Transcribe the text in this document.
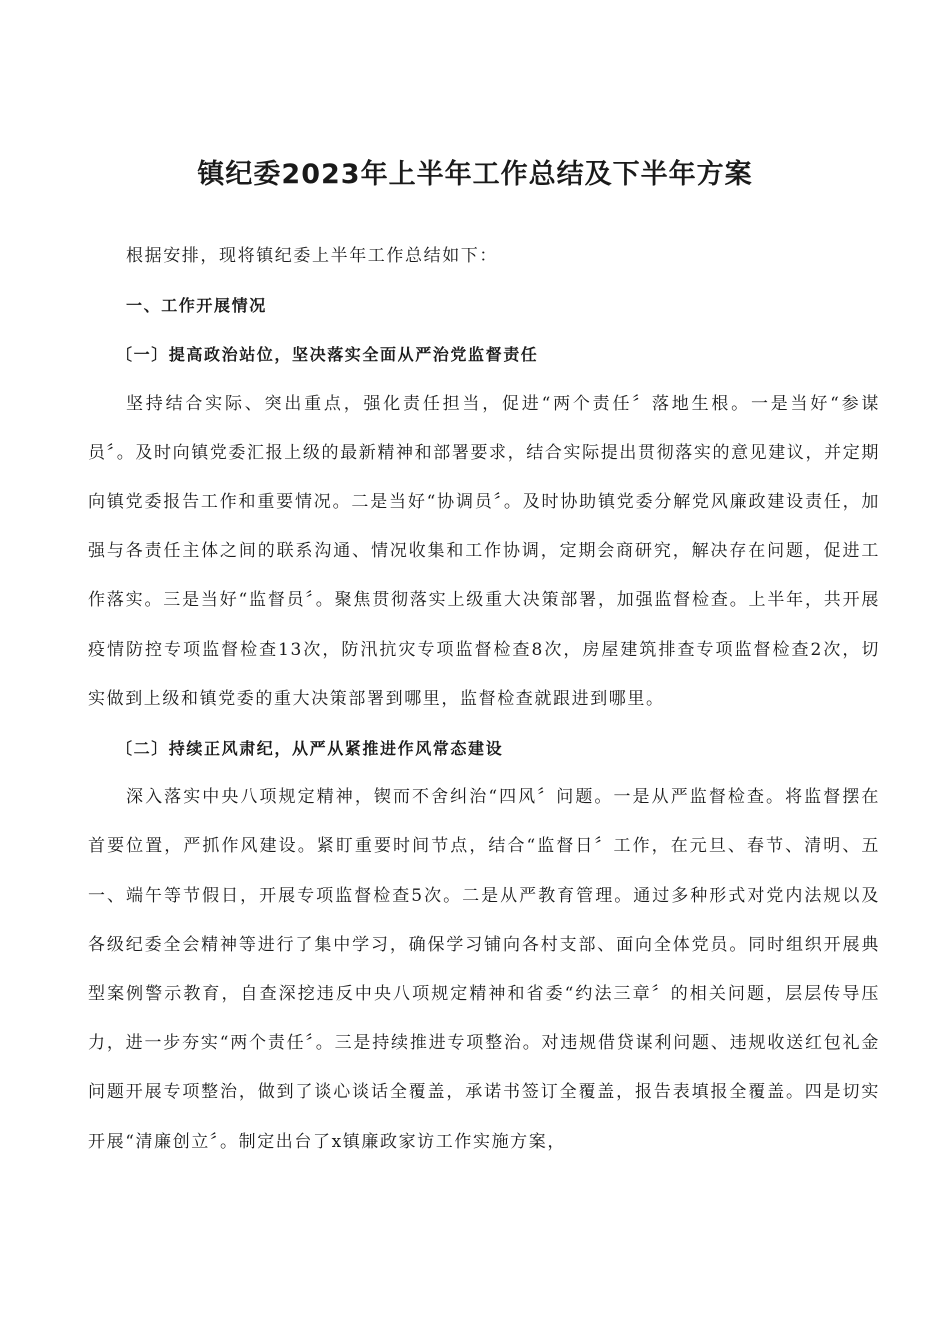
镇纪委2023年上半年工作总结及下半年方案

根据安排，现将镇纪委上半年工作总结如下：

一、工作开展情况

〔一〕提高政治站位，坚决落实全面从严治党监督责任

坚持结合实际、突出重点，强化责任担当，促进“两个责任〞落地生根。一是当好“参谋员〞。及时向镇党委汇报上级的最新精神和部署要求，结合实际提出贯彻落实的意见建议，并定期向镇党委报告工作和重要情况。二是当好“协调员〞。及时协助镇党委分解党风廉政建设责任，加强与各责任主体之间的联系沟通、情况收集和工作协调，定期会商研究，解决存在问题，促进工作落实。三是当好“监督员〞。聚焦贯彻落实上级重大决策部署，加强监督检查。上半年，共开展疫情防控专项监督检查13次，防汛抗灾专项监督检查8次，房屋建筑排查专项监督检查2次，切实做到上级和镇党委的重大决策部署到哪里，监督检查就跟进到哪里。

〔二〕持续正风肃纪，从严从紧推进作风常态建设

深入落实中央八项规定精神，锲而不舍纠治“四风〞问题。一是从严监督检查。将监督摆在首要位置，严抓作风建设。紧盯重要时间节点，结合“监督日〞工作，在元旦、春节、清明、五一、端午等节假日，开展专项监督检查5次。二是从严教育管理。通过多种形式对党内法规以及各级纪委全会精神等进行了集中学习，确保学习铺向各村支部、面向全体党员。同时组织开展典型案例警示教育，自查深挖违反中央八项规定精神和省委“约法三章〞的相关问题，层层传导压力，进一步夯实“两个责任〞。三是持续推进专项整治。对违规借贷谋利问题、违规收送红包礼金问题开展专项整治，做到了谈心谈话全覆盖，承诺书签订全覆盖，报告表填报全覆盖。四是切实开展“清廉创立〞。制定出台了x镇廉政家访工作实施方案，
